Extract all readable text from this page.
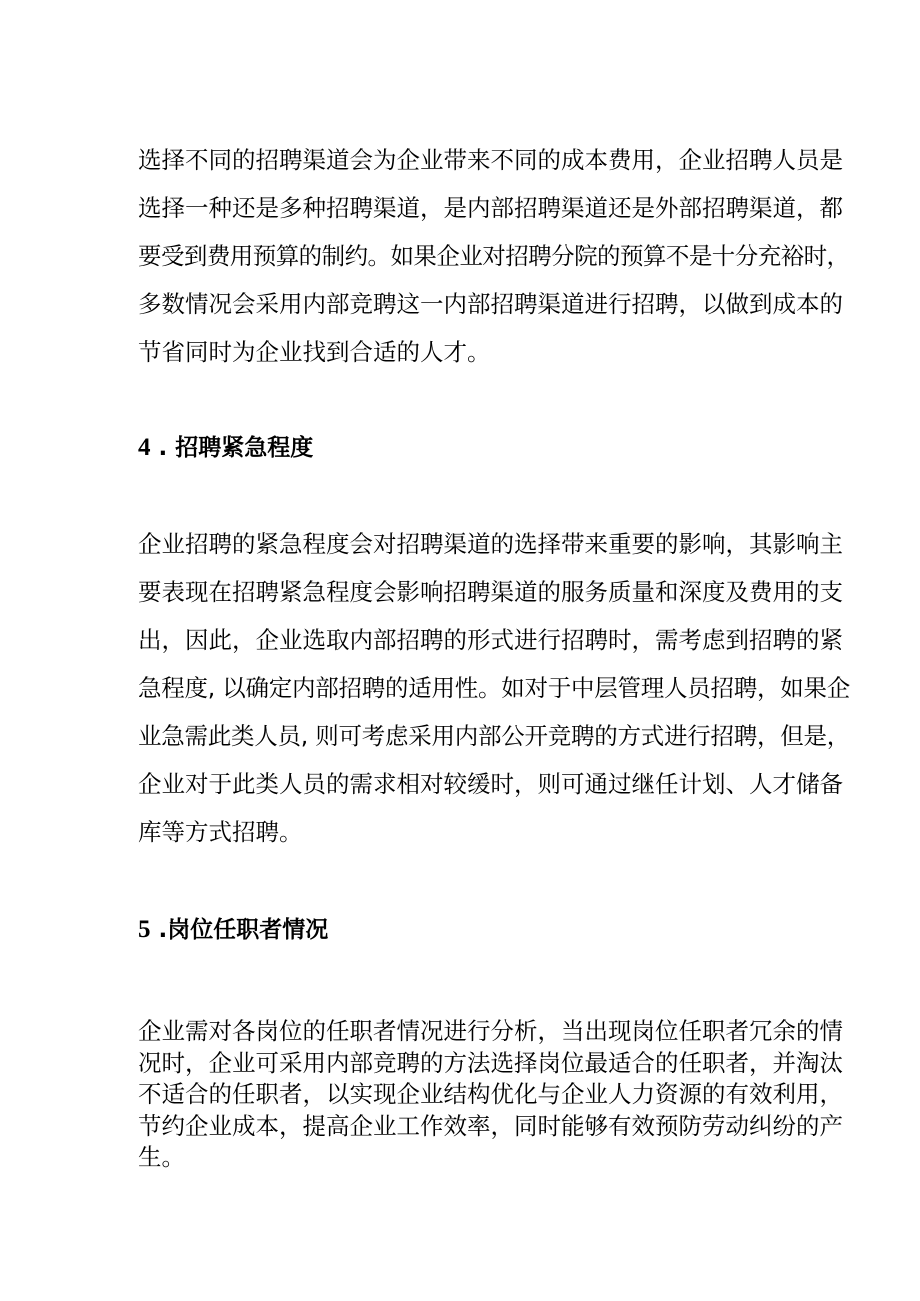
选择不同的招聘渠道会为企业带来不同的成本费用，企业招聘人员是
选择一种还是多种招聘渠道，是内部招聘渠道还是外部招聘渠道，都
要受到费用预算的制约。如果企业对招聘分院的预算不是十分充裕时，
多数情况会采用内部竞聘这一内部招聘渠道进行招聘，以做到成本的
节省同时为企业找到合适的人才。
4 . 招聘紧急程度
企业招聘的紧急程度会对招聘渠道的选择带来重要的影响，其影响主
要表现在招聘紧急程度会影响招聘渠道的服务质量和深度及费用的支
出，因此，企业选取内部招聘的形式进行招聘时，需考虑到招聘的紧
急程度, 以确定内部招聘的适用性。如对于中层管理人员招聘，如果企
业急需此类人员, 则可考虑采用内部公开竞聘的方式进行招聘，但是，
企业对于此类人员的需求相对较缓时，则可通过继任计划、人才储备
库等方式招聘。
5 .岗位任职者情况
企业需对各岗位的任职者情况进行分析，当出现岗位任职者冗余的情
况时，企业可采用内部竞聘的方法选择岗位最适合的任职者，并淘汰
不适合的任职者，以实现企业结构优化与企业人力资源的有效利用，
节约企业成本，提高企业工作效率，同时能够有效预防劳动纠纷的产
生。
